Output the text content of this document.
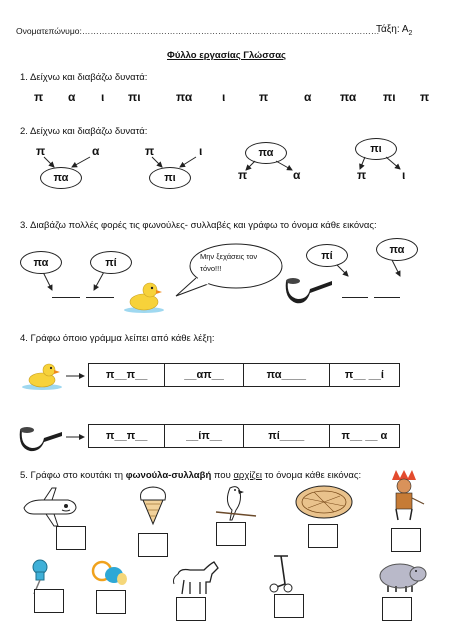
Ονοματεπώνυμο:……………………………………………………………………………………………
Τάξη: $A_2$
Φύλλο εργασίας Γλώσσας
1. Δείχνω και διαβάζω δυνατά:
π α ι πι	πα ι	π	α πα πι π
2. Δείχνω και διαβάζω δυνατά:
π	α
πα
π	ι
πι
πα
π	α
πι
π	ι
3. Διαβάζω πολλές φορές τις φωνούλες- συλλαβές και γράφω το όνομα κάθε εικόνας:
πα	πί	Μην ξεχάσεις τον τόνο!!!
πί	πα
4. Γράφω όποιο γράμμα λείπει από κάθε λέξη:
π__π__	__απ__	πα____	π__ __ί
π__π__	__ίπ__	πί____	π__ __ α
5. Γράφω στο κουτάκι τη φωνούλα-συλλαβή που αρχίζει το όνομα κάθε εικόνας:
